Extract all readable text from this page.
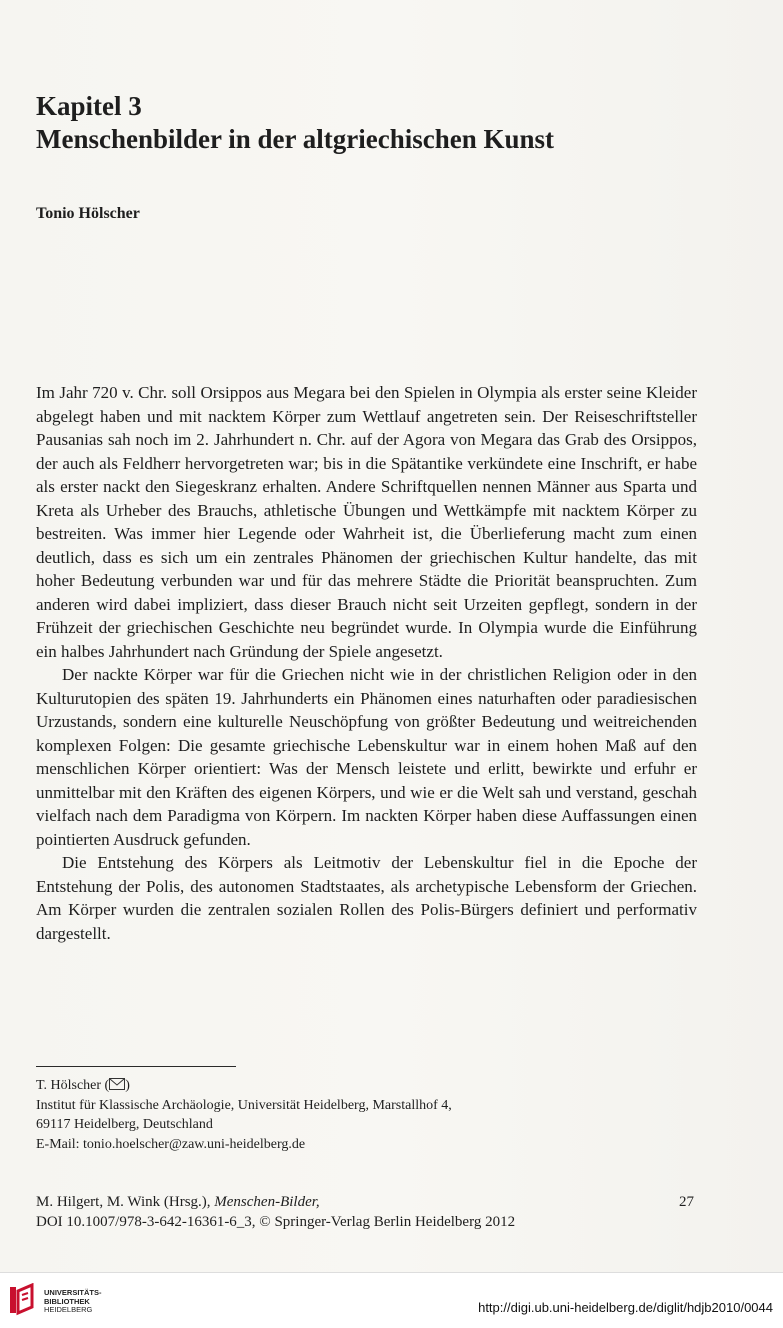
Kapitel 3
Menschenbilder in der altgriechischen Kunst
Tonio Hölscher

Im Jahr 720 v. Chr. soll Orsippos aus Megara bei den Spielen in Olympia als erster seine Kleider abgelegt haben und mit nacktem Körper zum Wettlauf angetreten sein. Der Reiseschriftsteller Pausanias sah noch im 2. Jahrhundert n. Chr. auf der Agora von Megara das Grab des Orsippos, der auch als Feldherr hervorgetreten war; bis in die Spätantike verkündete eine Inschrift, er habe als erster nackt den Siegeskranz erhalten. Andere Schriftquellen nennen Männer aus Sparta und Kreta als Urheber des Brauchs, athletische Übungen und Wettkämpfe mit nacktem Körper zu bestreiten. Was immer hier Legende oder Wahrheit ist, die Überlieferung macht zum einen deutlich, dass es sich um ein zentrales Phänomen der griechischen Kultur handelte, das mit hoher Bedeutung verbunden war und für das mehrere Städte die Priorität beanspruchten. Zum anderen wird dabei impliziert, dass dieser Brauch nicht seit Urzeiten gepflegt, sondern in der Frühzeit der griechischen Geschichte neu begründet wurde. In Olympia wurde die Einführung ein halbes Jahrhundert nach Gründung der Spiele angesetzt.

Der nackte Körper war für die Griechen nicht wie in der christlichen Religion oder in den Kulturutopien des späten 19. Jahrhunderts ein Phänomen eines naturhaften oder paradiesischen Urzustands, sondern eine kulturelle Neuschöpfung von größter Bedeutung und weitreichenden komplexen Folgen: Die gesamte griechische Lebenskultur war in einem hohen Maß auf den menschlichen Körper orientiert: Was der Mensch leistete und erlitt, bewirkte und erfuhr er unmittelbar mit den Kräften des eigenen Körpers, und wie er die Welt sah und verstand, geschah vielfach nach dem Paradigma von Körpern. Im nackten Körper haben diese Auffassungen einen pointierten Ausdruck gefunden.

Die Entstehung des Körpers als Leitmotiv der Lebenskultur fiel in die Epoche der Entstehung der Polis, des autonomen Stadtstaates, als archetypische Lebensform der Griechen. Am Körper wurden die zentralen sozialen Rollen des Polis-Bürgers definiert und performativ dargestellt.

T. Hölscher ( )
Institut für Klassische Archäologie, Universität Heidelberg, Marstallhof 4,
69117 Heidelberg, Deutschland
E-Mail: tonio.hoelscher@zaw.uni-heidelberg.de
M. Hilgert, M. Wink (Hrsg.), Menschen-Bilder,	27
DOI 10.1007/978-3-642-16361-6_3, © Springer-Verlag Berlin Heidelberg 2012
UNIVERSITÄTS-
BIBLIOTHEK
HEIDELBERG	http://digi.ub.uni-heidelberg.de/diglit/hdjb2010/0044
